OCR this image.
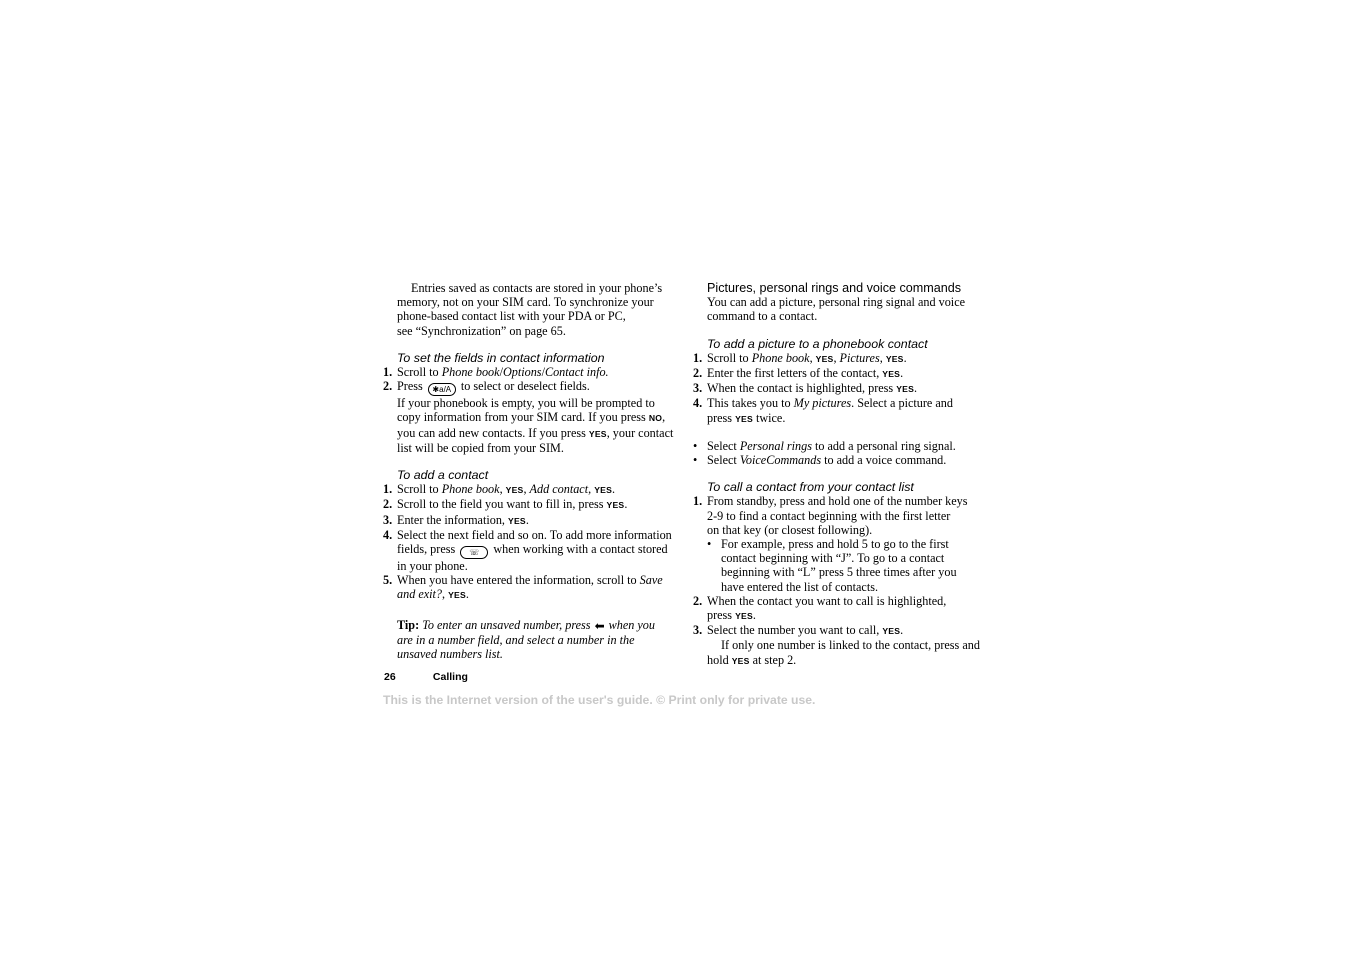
Entries saved as contacts are stored in your phone’s

memory, not on your SIM card. To synchronize your

phone-based contact list with your PDA or PC,

see “Synchronization” on page 65.

To set the fields in contact information

1. Scroll to Phone book/Options/Contact info.
2. Press ✱a/A to select or deselect fields.
If your phonebook is empty, you will be prompted to
copy information from your SIM card. If you press NO,
you can add new contacts. If you press YES, your contact
list will be copied from your SIM.

To add a contact

1. Scroll to Phone book, YES, Add contact, YES.
2. Scroll to the field you want to fill in, press YES.
3. Enter the information, YES.
4. Select the next field and so on. To add more information
fields, press ☏ when working with a contact stored
in your phone.
5. When you have entered the information, scroll to Save
and exit?, YES.
Tip: To enter an unsaved number, press ⬅ when you
are in a number field, and select a number in the
unsaved numbers list.

Pictures, personal rings and voice commands

You can add a picture, personal ring signal and voice

command to a contact.

To add a picture to a phonebook contact

1. Scroll to Phone book, YES, Pictures, YES.
2. Enter the first letters of the contact, YES.
3. When the contact is highlighted, press YES.
4. This takes you to My pictures. Select a picture and
press YES twice.
• Select Personal rings to add a personal ring signal.
• Select VoiceCommands to add a voice command.

To call a contact from your contact list

1. From standby, press and hold one of the number keys
2-9 to find a contact beginning with the first letter
on that key (or closest following).
• For example, press and hold 5 to go to the first
contact beginning with “J”. To go to a contact
beginning with “L” press 5 three times after you
have entered the list of contacts.
2. When the contact you want to call is highlighted,
press YES.
3. Select the number you want to call, YES.
If only one number is linked to the contact, press and
hold YES at step 2.
26	Calling
This is the Internet version of the user's guide. © Print only for private use.
